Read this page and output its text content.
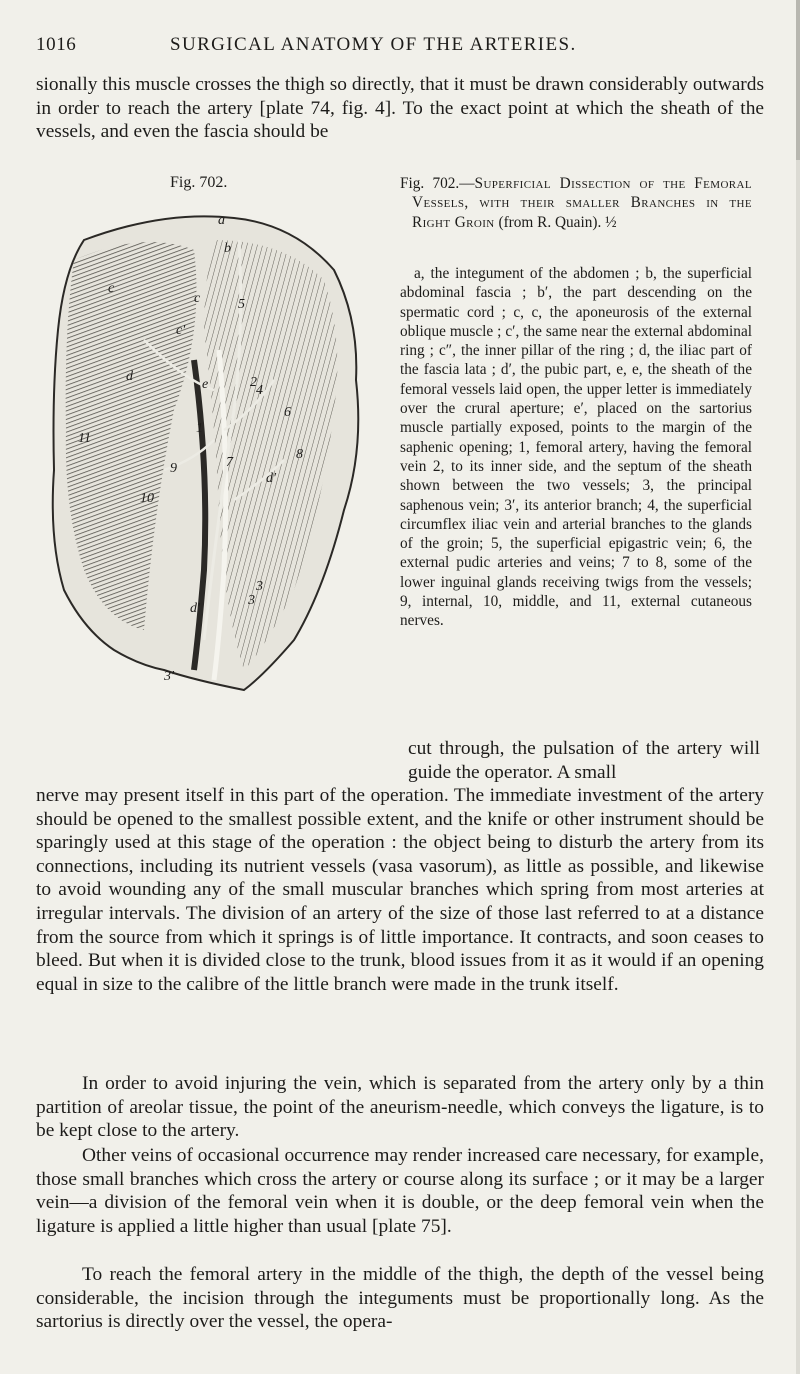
1016	SURGICAL ANATOMY OF THE ARTERIES.
sionally this muscle crosses the thigh so directly, that it must be drawn considerably outwards in order to reach the artery [plate 74, fig. 4]. To the exact point at which the sheath of the vessels, and even the fascia should be
Fig. 702.	Fig. 702.—Superficial Dissection of the Femoral Vessels, with their smaller Branches in the Right Groin (from R. Quain). ½
a, the integument of the abdomen ; b, the superficial abdominal fascia ; b′, the part descending on the spermatic cord ; c, c, the aponeurosis of the external oblique muscle ; c′, the same near the external abdominal ring ; c″, the inner pillar of the ring ; d, the iliac part of the fascia lata ; d′, the pubic part, e, e, the sheath of the femoral vessels laid open, the upper letter is immediately over the crural aperture; e′, placed on the sartorius muscle partially exposed, points to the margin of the saphenic opening; 1, femoral artery, having the femoral vein 2, to its inner side, and the septum of the sheath shown between the two vessels; 3, the principal saphenous vein; 3′, its anterior branch; 4, the superficial circumflex iliac vein and arterial branches to the glands of the groin; 5, the superficial epigastric vein; 6, the external pudic arteries and veins; 7 to 8, some of the lower inguinal glands receiving twigs from the vessels; 9, internal, 10, middle, and 11, external cutaneous nerves.
a
b
c
c	5
c′
d
e
1
2
3
4
6
7
8
9
10
11
d′
d′
3′
3
cut through, the pulsation of the artery will guide the operator. A small
nerve may present itself in this part of the operation. The immediate investment of the artery should be opened to the smallest possible extent, and the knife or other instrument should be sparingly used at this stage of the operation : the object being to disturb the artery from its connections, including its nutrient vessels (vasa vasorum), as little as possible, and likewise to avoid wounding any of the small muscular branches which spring from most arteries at irregular intervals. The division of an artery of the size of those last referred to at a distance from the source from which it springs is of little importance. It contracts, and soon ceases to bleed. But when it is divided close to the trunk, blood issues from it as it would if an opening equal in size to the calibre of the little branch were made in the trunk itself.
In order to avoid injuring the vein, which is separated from the artery only by a thin partition of areolar tissue, the point of the aneurism-needle, which conveys the ligature, is to be kept close to the artery.
Other veins of occasional occurrence may render increased care necessary, for example, those small branches which cross the artery or course along its surface ; or it may be a larger vein—a division of the femoral vein when it is double, or the deep femoral vein when the ligature is applied a little higher than usual [plate 75].
To reach the femoral artery in the middle of the thigh, the depth of the vessel being considerable, the incision through the integuments must be proportionally long. As the sartorius is directly over the vessel, the opera-
